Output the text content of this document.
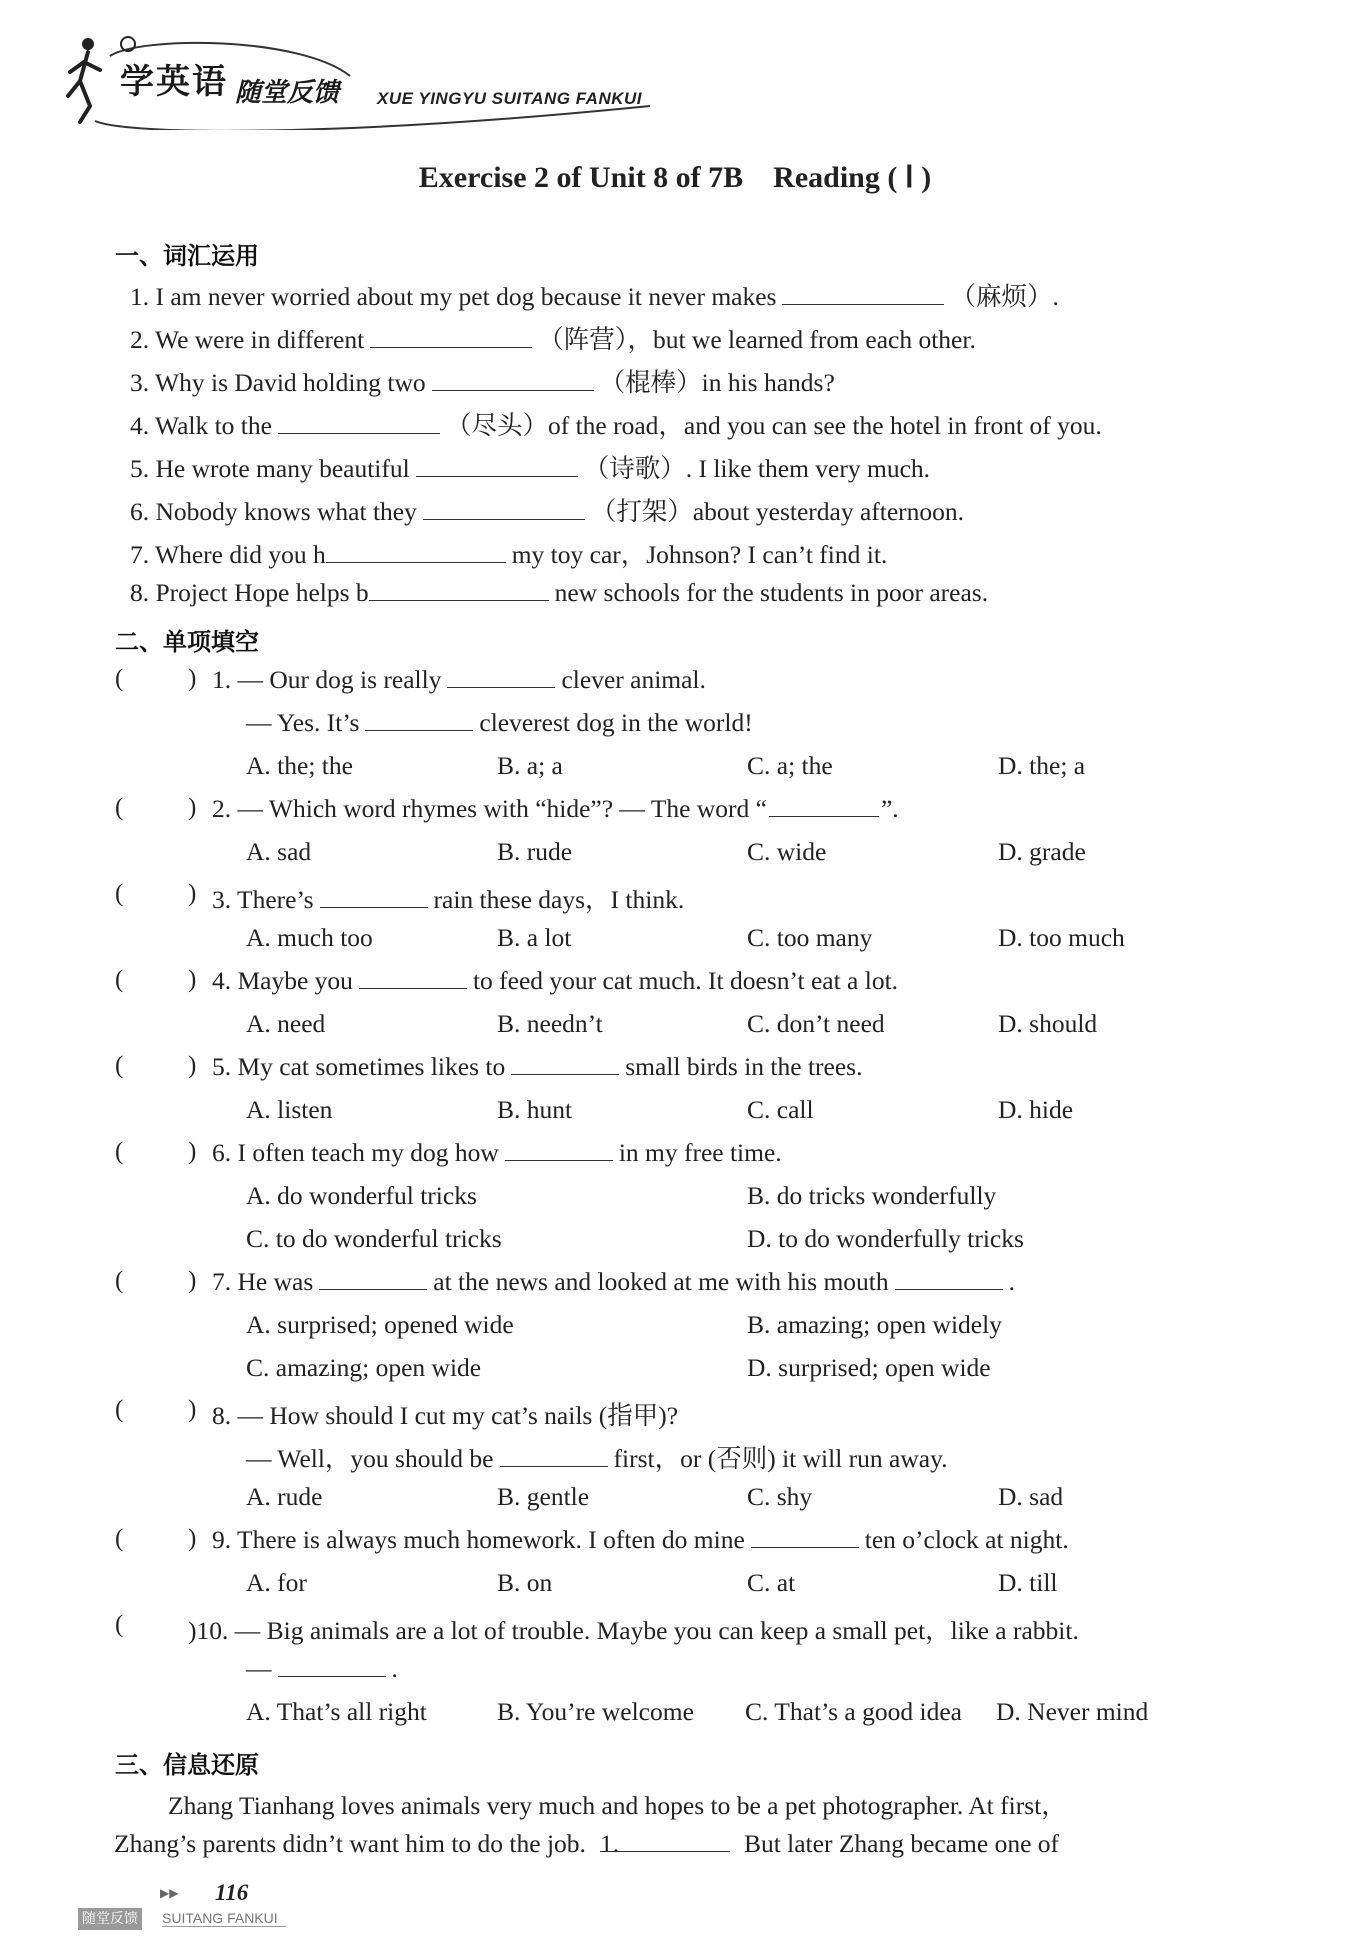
学英语 随堂反馈 XUE YINGYU SUITANG FANKUI
Exercise 2 of Unit 8 of 7B    Reading ( Ⅰ )
一、词汇运用
1. I am never worried about my pet dog because it never makes	（麻烦）.
2. We were in different	（阵营），but we learned from each other.
3. Why is David holding two	（棍棒）in his hands?
4. Walk to the	（尽头）of the road，and you can see the hotel in front of you.
5. He wrote many beautiful	（诗歌）. I like them very much.
6. Nobody knows what they	（打架）about yesterday afternoon.
7. Where did you h	my toy car，Johnson? I can’t find it.
8. Project Hope helps b	new schools for the students in poor areas.
二、单项填空
(	) 1. — Our dog is really	clever animal.
— Yes. It’s	cleverest dog in the world!
A. the; the	B. a; a	C. a; the	D. the; a
(	) 2. — Which word rhymes with “hide”? — The word “	”.
A. sad	B. rude	C. wide	D. grade
(	) 3. There’s	rain these days，I think.
A. much too	B. a lot	C. too many	D. too much
(	) 4. Maybe you	to feed your cat much. It doesn’t eat a lot.
A. need	B. needn’t	C. don’t need	D. should
(	) 5. My cat sometimes likes to	small birds in the trees.
A. listen	B. hunt	C. call	D. hide
(	) 6. I often teach my dog how	in my free time.
A. do wonderful tricks	B. do tricks wonderfully
C. to do wonderful tricks	D. to do wonderfully tricks
(	) 7. He was	at the news and looked at me with his mouth	.
A. surprised; opened wide	B. amazing; open widely
C. amazing; open wide	D. surprised; open wide
(	) 8. — How should I cut my cat’s nails (指甲)?
— Well，you should be	first，or (否则) it will run away.
A. rude	B. gentle	C. shy	D. sad
(	) 9. There is always much homework. I often do mine	ten o’clock at night.
A. for	B. on	C. at	D. till
(	)10. — Big animals are a lot of trouble. Maybe you can keep a small pet，like a rabbit.
—	.
A. That’s all right	B. You’re welcome C. That’s a good idea D. Never mind
三、信息还原
Zhang Tianhang loves animals very much and hopes to be a pet photographer. At first，
Zhang’s parents didn’t want him to do the job. 1.	But later Zhang became one of
▶▶ 116
随堂反馈 SUITANG FANKUI
